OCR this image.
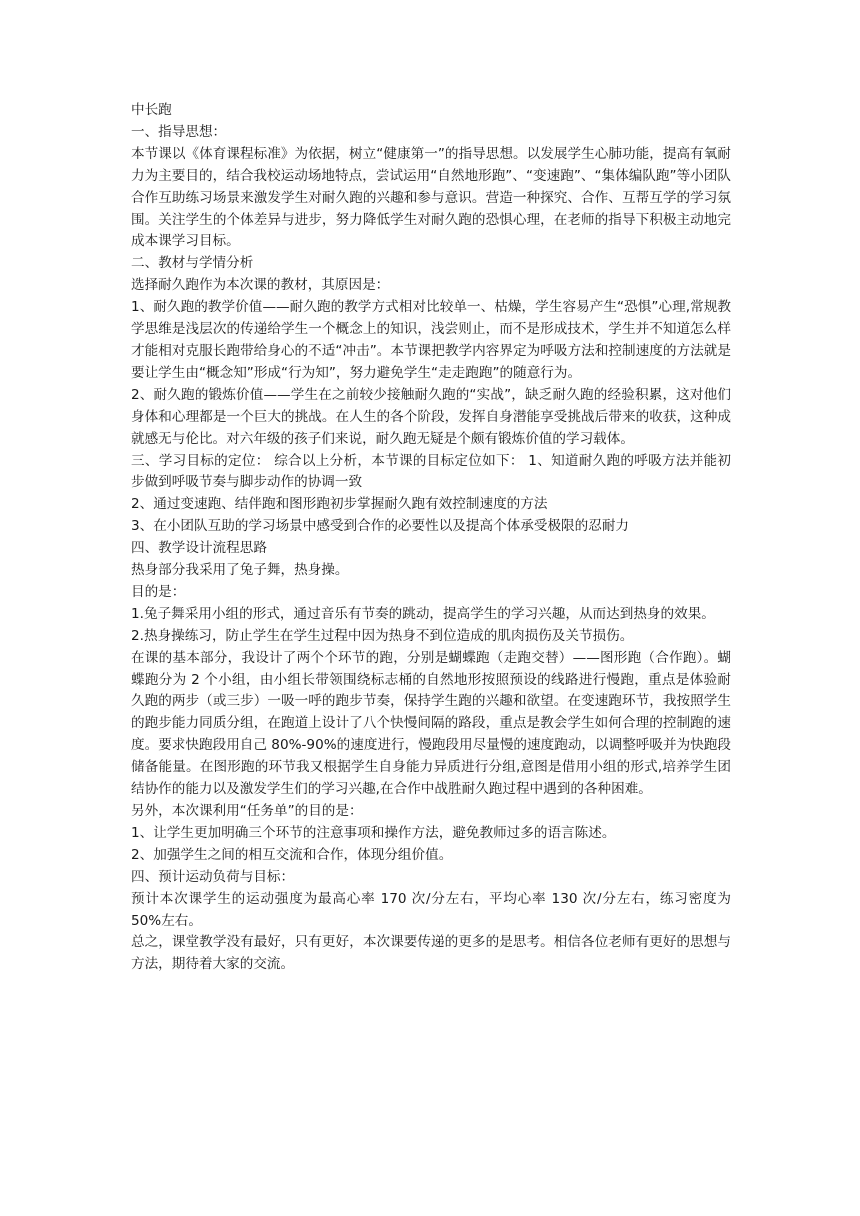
中长跑

一、指导思想：

本节课以《体育课程标准》为依据，树立“健康第一”的指导思想。以发展学生心肺功能，提高有氧耐力为主要目的，结合我校运动场地特点，尝试运用“自然地形跑”、“变速跑”、“集体编队跑”等小团队合作互助练习场景来激发学生对耐久跑的兴趣和参与意识。营造一种探究、合作、互帮互学的学习氛围。关注学生的个体差异与进步，努力降低学生对耐久跑的恐惧心理，在老师的指导下积极主动地完成本课学习目标。

二、教材与学情分析

选择耐久跑作为本次课的教材，其原因是：

1、耐久跑的教学价值——耐久跑的教学方式相对比较单一、枯燥，学生容易产生“恐惧”心理,常规教学思维是浅层次的传递给学生一个概念上的知识，浅尝则止，而不是形成技术，学生并不知道怎么样才能相对克服长跑带给身心的不适“冲击”。本节课把教学内容界定为呼吸方法和控制速度的方法就是要让学生由“概念知”形成“行为知”，努力避免学生“走走跑跑”的随意行为。

2、耐久跑的锻炼价值——学生在之前较少接触耐久跑的“实战”，缺乏耐久跑的经验积累，这对他们身体和心理都是一个巨大的挑战。在人生的各个阶段，发挥自身潜能享受挑战后带来的收获，这种成就感无与伦比。对六年级的孩子们来说，耐久跑无疑是个颇有锻炼价值的学习载体。

三、学习目标的定位： 综合以上分析，本节课的目标定位如下： 1、知道耐久跑的呼吸方法并能初步做到呼吸节奏与脚步动作的协调一致

2、通过变速跑、结伴跑和图形跑初步掌握耐久跑有效控制速度的方法

3、在小团队互助的学习场景中感受到合作的必要性以及提高个体承受极限的忍耐力

四、教学设计流程思路

热身部分我采用了兔子舞，热身操。

目的是：

1.兔子舞采用小组的形式，通过音乐有节奏的跳动，提高学生的学习兴趣，从而达到热身的效果。

2.热身操练习，防止学生在学生过程中因为热身不到位造成的肌肉损伤及关节损伤。

在课的基本部分，我设计了两个个环节的跑，分别是蝴蝶跑（走跑交替）——图形跑（合作跑）。蝴蝶跑分为 2 个小组，由小组长带领围绕标志桶的自然地形按照预设的线路进行慢跑，重点是体验耐久跑的两步（或三步）一吸一呼的跑步节奏，保持学生跑的兴趣和欲望。在变速跑环节，我按照学生的跑步能力同质分组，在跑道上设计了八个快慢间隔的路段，重点是教会学生如何合理的控制跑的速度。要求快跑段用自己 80%-90%的速度进行，慢跑段用尽量慢的速度跑动，以调整呼吸并为快跑段储备能量。在图形跑的环节我又根据学生自身能力异质进行分组,意图是借用小组的形式,培养学生团结协作的能力以及激发学生们的学习兴趣,在合作中战胜耐久跑过程中遇到的各种困难。

另外，本次课利用“任务单”的目的是：

1、让学生更加明确三个环节的注意事项和操作方法，避免教师过多的语言陈述。

2、加强学生之间的相互交流和合作，体现分组价值。

四、预计运动负荷与目标：

预计本次课学生的运动强度为最高心率 170 次/分左右，平均心率 130 次/分左右，练习密度为 50%左右。

总之，课堂教学没有最好，只有更好，本次课要传递的更多的是思考。相信各位老师有更好的思想与方法，期待着大家的交流。
